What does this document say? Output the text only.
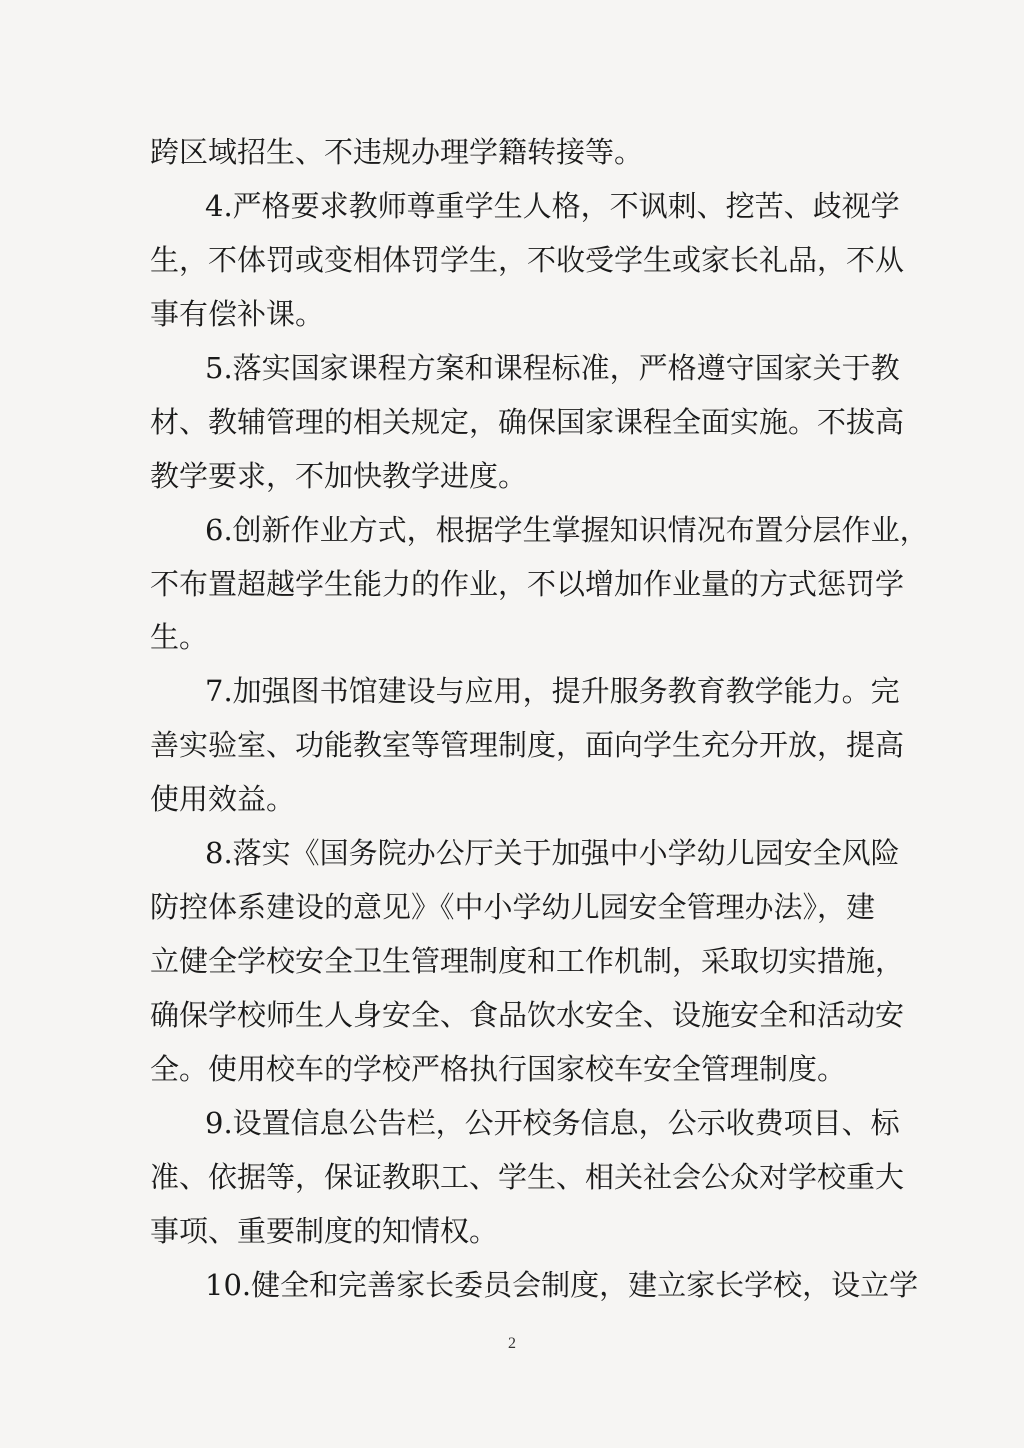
跨区域招生、不违规办理学籍转接等。
4.严格要求教师尊重学生人格，不讽刺、挖苦、歧视学
生，不体罚或变相体罚学生，不收受学生或家长礼品，不从
事有偿补课。
5.落实国家课程方案和课程标准，严格遵守国家关于教
材、教辅管理的相关规定，确保国家课程全面实施。不拔高
教学要求，不加快教学进度。
6.创新作业方式，根据学生掌握知识情况布置分层作业，
不布置超越学生能力的作业，不以增加作业量的方式惩罚学
生。
7.加强图书馆建设与应用，提升服务教育教学能力。完
善实验室、功能教室等管理制度，面向学生充分开放，提高
使用效益。
8.落实《国务院办公厅关于加强中小学幼儿园安全风险
防控体系建设的意见》《中小学幼儿园安全管理办法》，建
立健全学校安全卫生管理制度和工作机制，采取切实措施，
确保学校师生人身安全、食品饮水安全、设施安全和活动安
全。使用校车的学校严格执行国家校车安全管理制度。
9.设置信息公告栏，公开校务信息，公示收费项目、标
准、依据等，保证教职工、学生、相关社会公众对学校重大
事项、重要制度的知情权。
10.健全和完善家长委员会制度，建立家长学校，设立学
2
